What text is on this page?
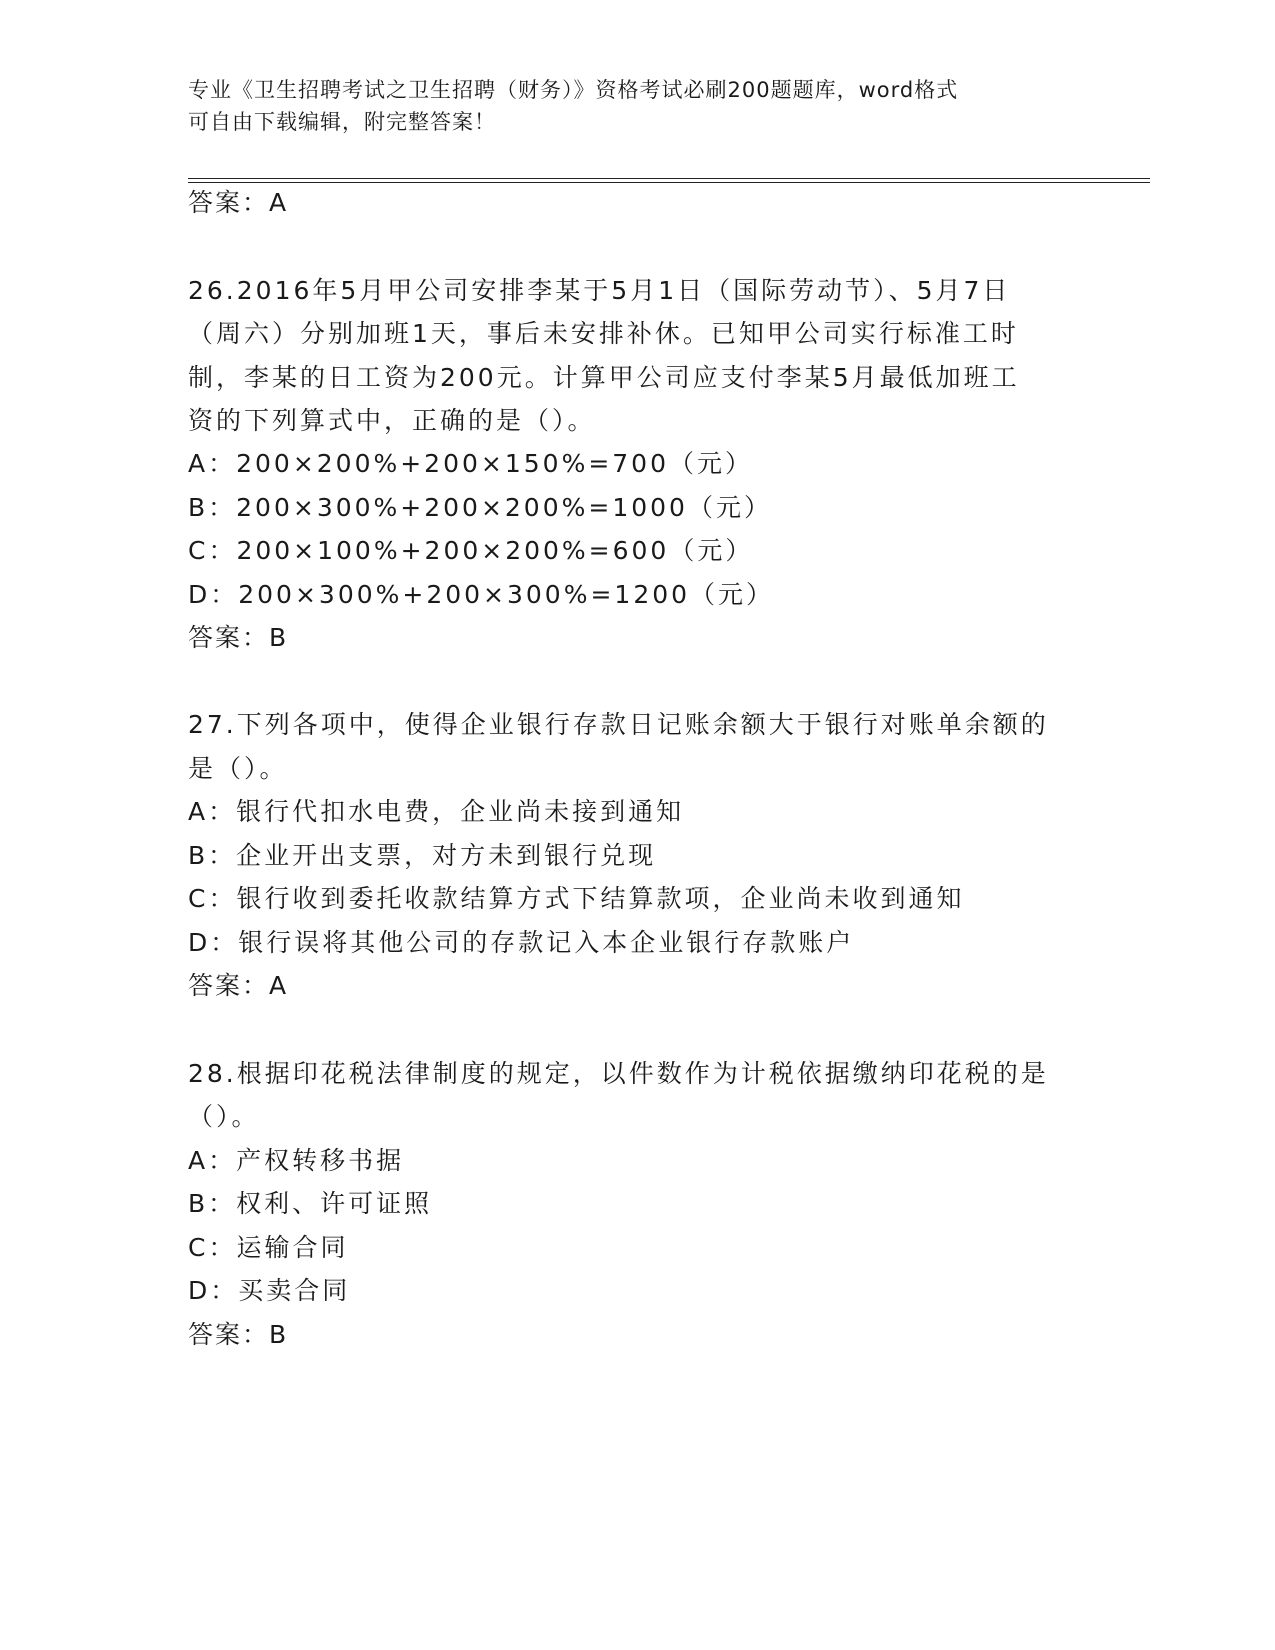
专业《卫生招聘考试之卫生招聘（财务）》资格考试必刷200题题库，word格式
可自由下载编辑，附完整答案！
答案：A
26.2016年5月甲公司安排李某于5月1日（国际劳动节）、5月7日
（周六）分别加班1天，事后未安排补休。已知甲公司实行标准工时
制，李某的日工资为200元。计算甲公司应支付李某5月最低加班工
资的下列算式中，正确的是（）。
A：200×200%+200×150%=700（元）
B：200×300%+200×200%=1000（元）
C：200×100%+200×200%=600（元）
D：200×300%+200×300%=1200（元）
答案：B
27.下列各项中，使得企业银行存款日记账余额大于银行对账单余额的
是（）。
A：银行代扣水电费，企业尚未接到通知
B：企业开出支票，对方未到银行兑现
C：银行收到委托收款结算方式下结算款项，企业尚未收到通知
D：银行误将其他公司的存款记入本企业银行存款账户
答案：A
28.根据印花税法律制度的规定，以件数作为计税依据缴纳印花税的是
（）。
A：产权转移书据
B：权利、许可证照
C：运输合同
D：买卖合同
答案：B
